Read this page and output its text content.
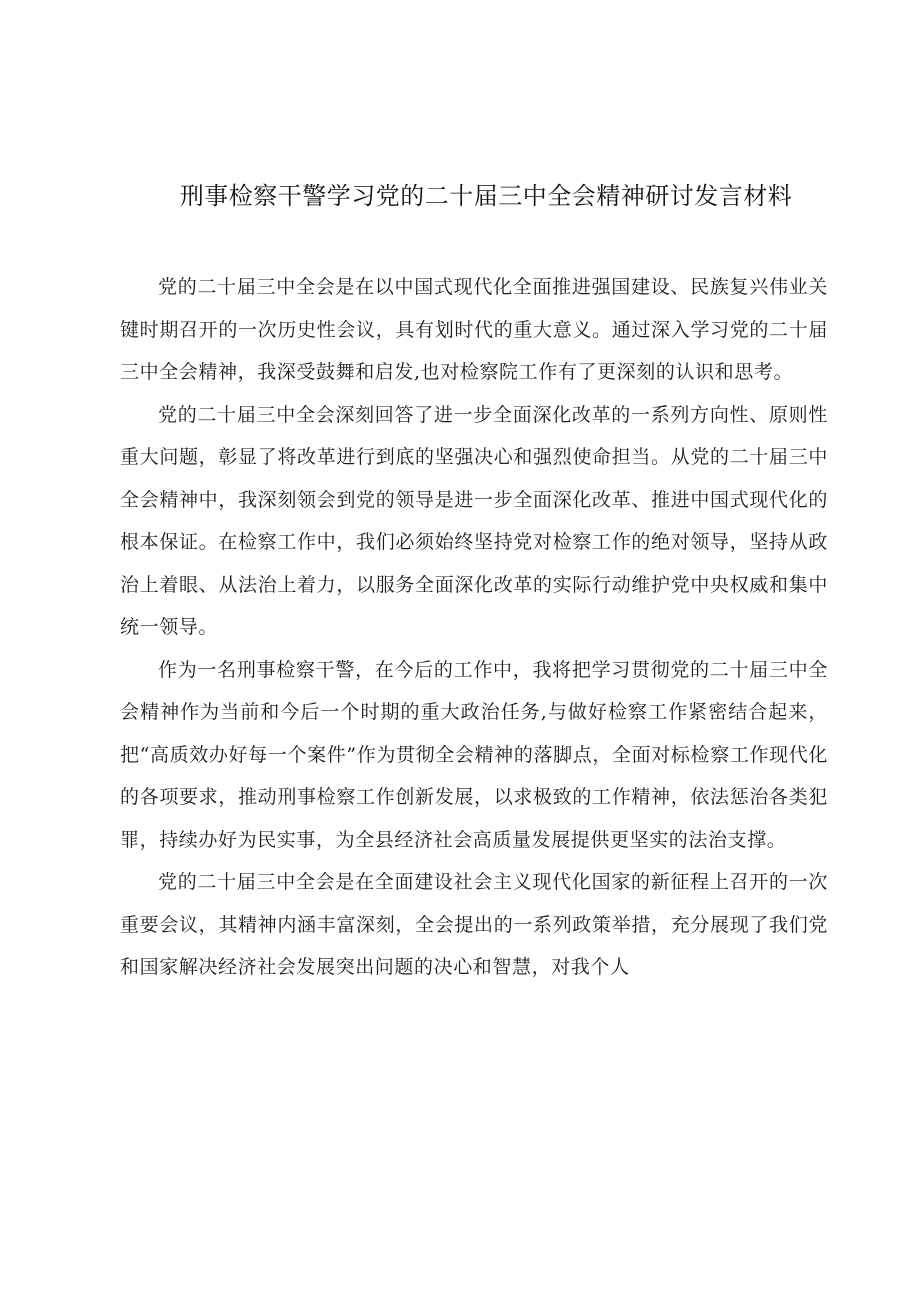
刑事检察干警学习党的二十届三中全会精神研讨发言材料

党的二十届三中全会是在以中国式现代化全面推进强国建设、民族复兴伟业关键时期召开的一次历史性会议，具有划时代的重大意义。通过深入学习党的二十届三中全会精神，我深受鼓舞和启发,也对检察院工作有了更深刻的认识和思考。

党的二十届三中全会深刻回答了进一步全面深化改革的一系列方向性、原则性重大问题，彰显了将改革进行到底的坚强决心和强烈使命担当。从党的二十届三中全会精神中，我深刻领会到党的领导是进一步全面深化改革、推进中国式现代化的根本保证。在检察工作中，我们必须始终坚持党对检察工作的绝对领导，坚持从政治上着眼、从法治上着力，以服务全面深化改革的实际行动维护党中央权威和集中统一领导。

作为一名刑事检察干警，在今后的工作中，我将把学习贯彻党的二十届三中全会精神作为当前和今后一个时期的重大政治任务,与做好检察工作紧密结合起来，把“高质效办好每一个案件”作为贯彻全会精神的落脚点，全面对标检察工作现代化的各项要求，推动刑事检察工作创新发展，以求极致的工作精神，依法惩治各类犯罪，持续办好为民实事，为全县经济社会高质量发展提供更坚实的法治支撑。

党的二十届三中全会是在全面建设社会主义现代化国家的新征程上召开的一次重要会议，其精神内涵丰富深刻，全会提出的一系列政策举措，充分展现了我们党和国家解决经济社会发展突出问题的决心和智慧，对我个人
